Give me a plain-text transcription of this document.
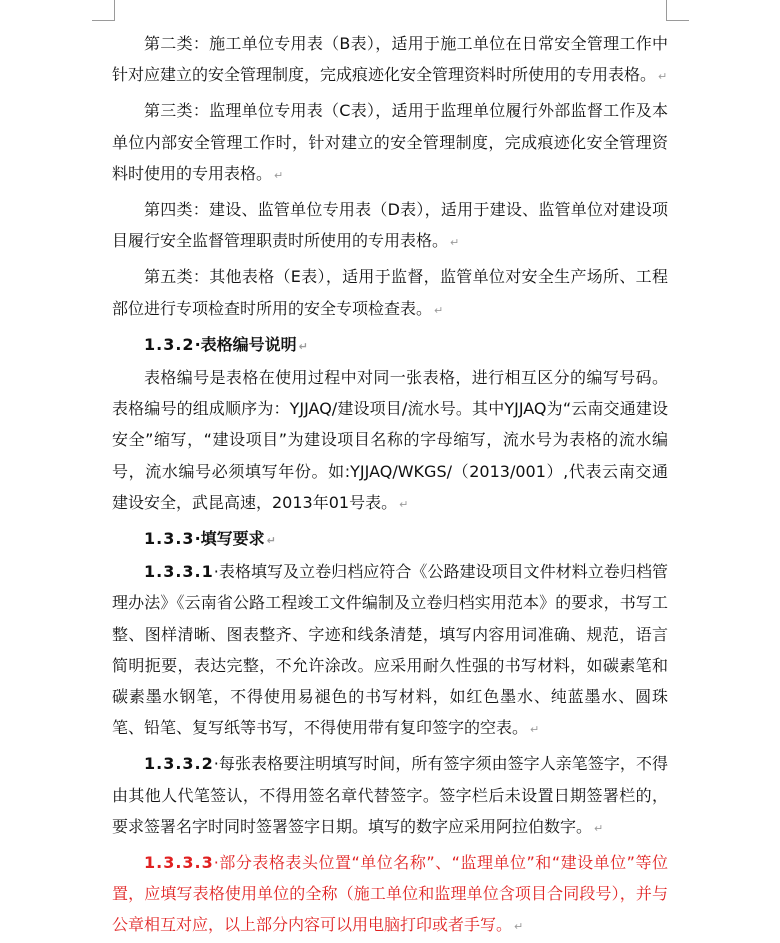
第二类：施工单位专用表（B表），适用于施工单位在日常安全管理工作中针对应建立的安全管理制度，完成痕迹化安全管理资料时所使用的专用表格。 ↵
第三类：监理单位专用表（C表），适用于监理单位履行外部监督工作及本单位内部安全管理工作时，针对建立的安全管理制度，完成痕迹化安全管理资料时使用的专用表格。 ↵
第四类：建设、监管单位专用表（D表），适用于建设、监管单位对建设项目履行安全监督管理职责时所使用的专用表格。 ↵
第五类：其他表格（E表），适用于监督，监管单位对安全生产场所、工程部位进行专项检查时所用的安全专项检查表。 ↵
1.3.2·表格编号说明 ↵
表格编号是表格在使用过程中对同一张表格，进行相互区分的编写号码。表格编号的组成顺序为：YJJAQ/建设项目/流水号。其中YJJAQ为“云南交通建设安全”缩写，“建设项目”为建设项目名称的字母缩写，流水号为表格的流水编号，流水编号必须填写年份。如:YJJAQ/WKGS/（2013/001）,代表云南交通建设安全，武昆高速，2013年01号表。 ↵
1.3.3·填写要求 ↵
1.3.3.1·表格填写及立卷归档应符合《公路建设项目文件材料立卷归档管理办法》《云南省公路工程竣工文件编制及立卷归档实用范本》的要求，书写工整、图样清晰、图表整齐、字迹和线条清楚，填写内容用词准确、规范，语言简明扼要，表达完整，不允许涂改。应采用耐久性强的书写材料，如碳素笔和碳素墨水钢笔，不得使用易褪色的书写材料，如红色墨水、纯蓝墨水、圆珠笔、铅笔、复写纸等书写，不得使用带有复印签字的空表。 ↵
1.3.3.2·每张表格要注明填写时间，所有签字须由签字人亲笔签字，不得由其他人代笔签认，不得用签名章代替签字。签字栏后未设置日期签署栏的，要求签署名字时同时签署签字日期。填写的数字应采用阿拉伯数字。 ↵
1.3.3.3·部分表格表头位置“单位名称”、“监理单位”和“建设单位”等位置，应填写表格使用单位的全称（施工单位和监理单位含项目合同段号），并与公章相互对应，以上部分内容可以用电脑打印或者手写。 ↵
